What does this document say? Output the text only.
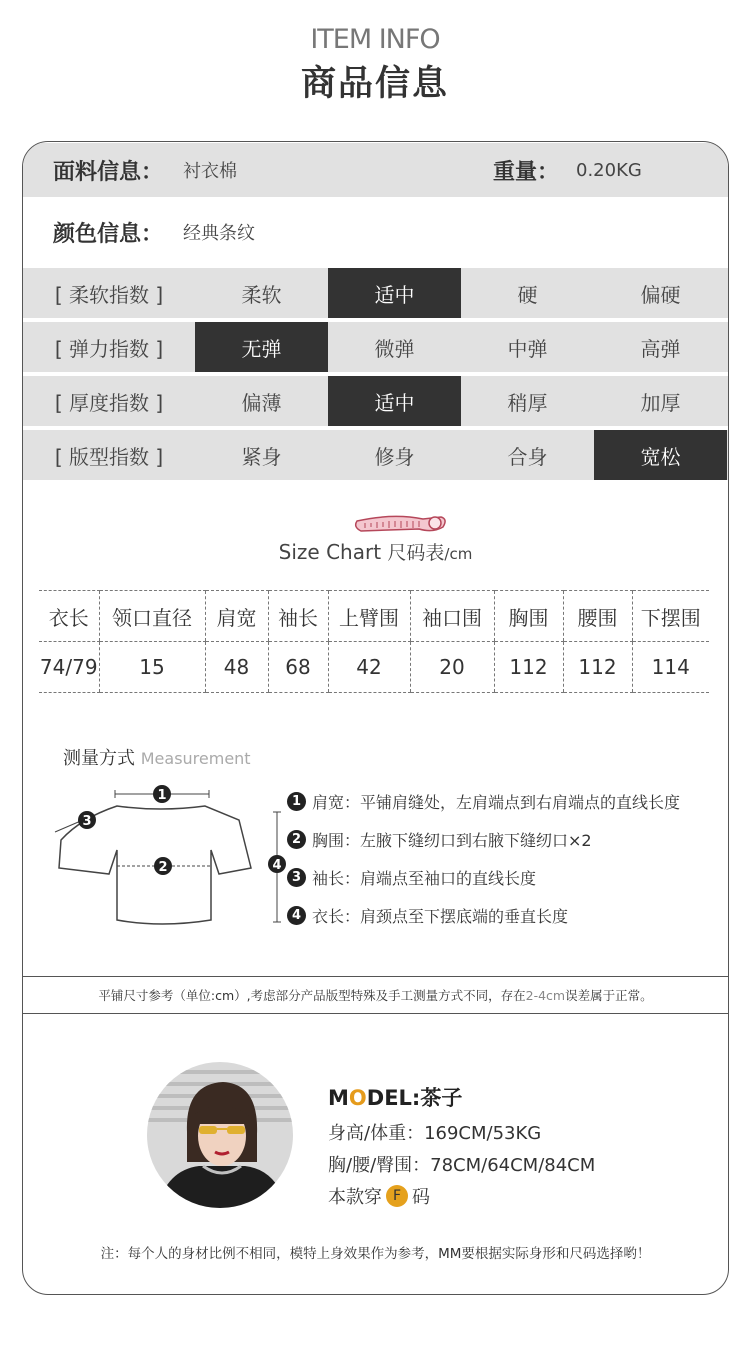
ITEM INFO
商品信息
面料信息： 衬衣棉	重量： 0.20KG
颜色信息： 经典条纹
[ 柔软指数 ]	柔软	适中	硬	偏硬
[ 弹力指数 ]	无弹	微弹	中弹	高弹
[ 厚度指数 ]	偏薄	适中	稍厚	加厚
[ 版型指数 ]	紧身	修身	合身	宽松
Size Chart 尺码表/cm
衣长	领口直径	肩宽	袖长	上臂围	袖口围	胸围	腰围	下摆围
74/79	15	48	68	42	20	112	112	114
测量方式 Measurement
1
2
3
4
1 肩宽：平铺肩缝处，左肩端点到右肩端点的直线长度
2 胸围：左腋下缝纫口到右腋下缝纫口×2
3 袖长：肩端点至袖口的直线长度
4 衣长：肩颈点至下摆底端的垂直长度
平铺尺寸参考（单位:cm）,考虑部分产品版型特殊及手工测量方式不同，存在 2-4cm 误差属于正常。
MODEL:茶子
身高/体重：169CM/53KG
胸/腰/臀围：78CM/64CM/84CM
本款穿 F 码
注：每个人的身材比例不相同，模特上身效果作为参考，MM要根据实际身形和尺码选择哟！
